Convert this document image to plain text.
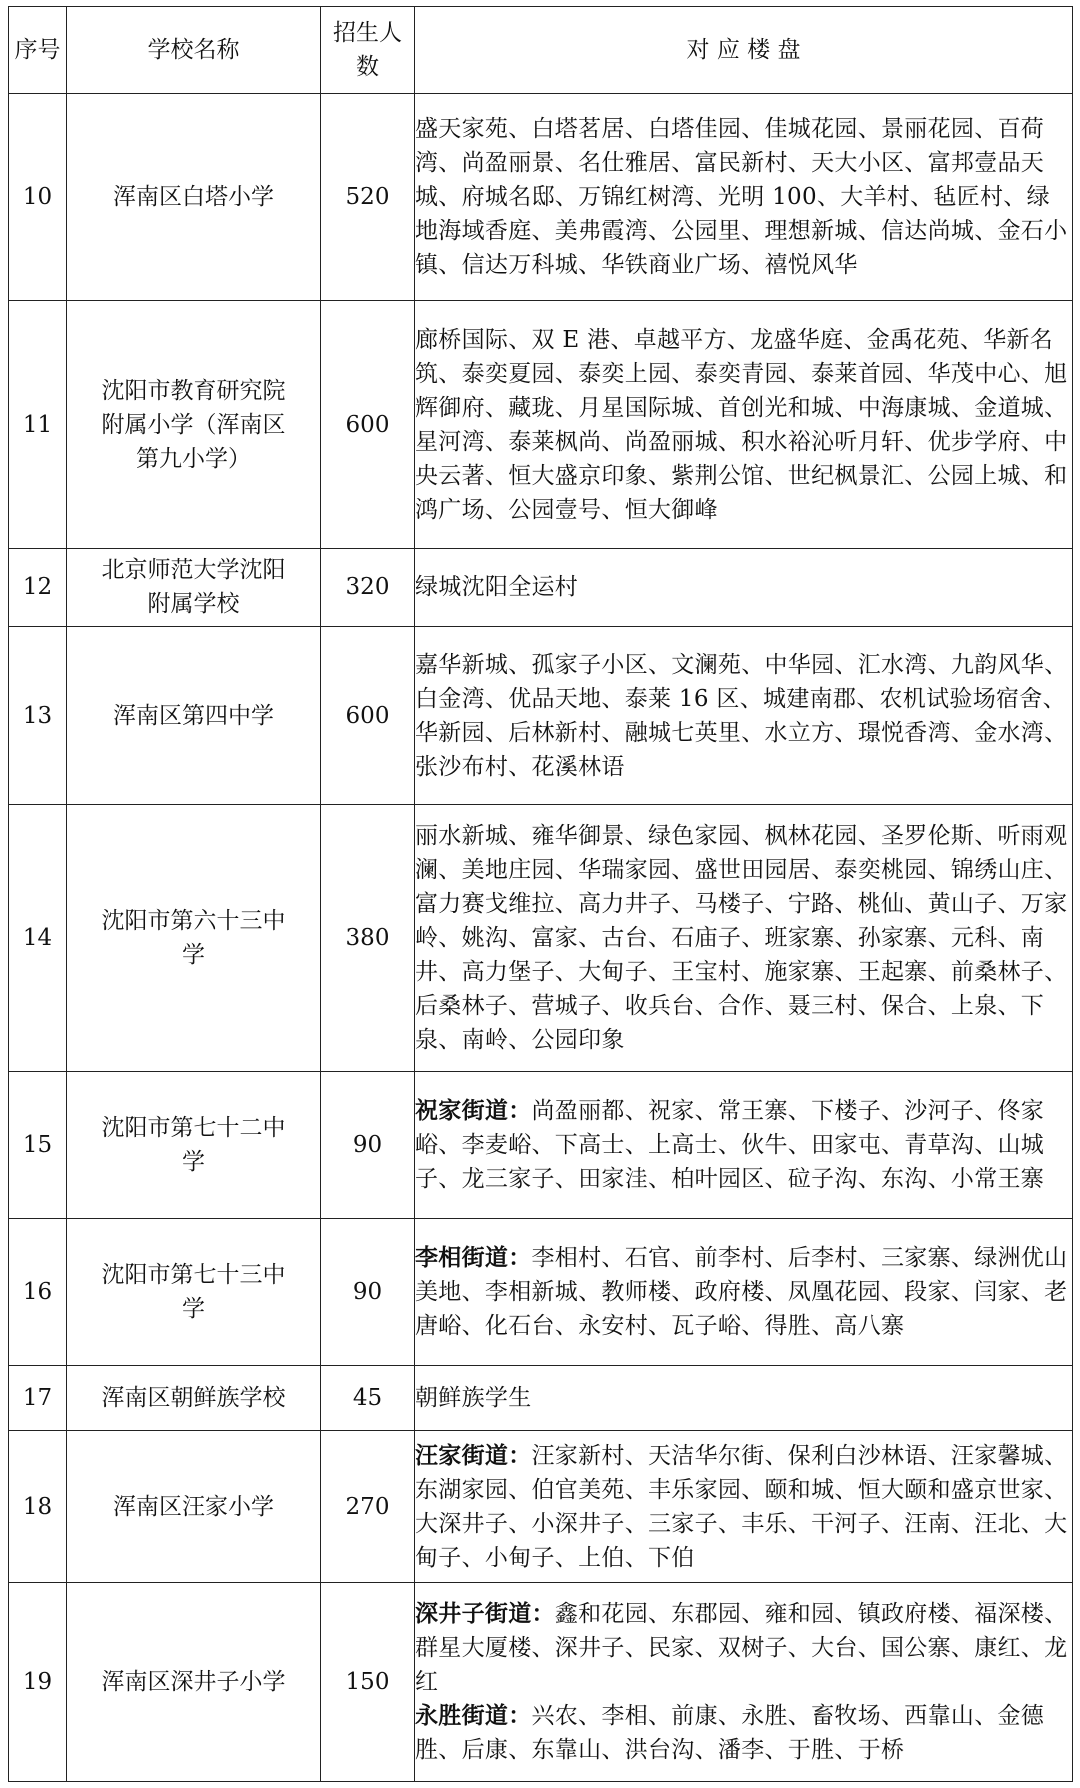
序号	学校名称	招生人数	对 应 楼 盘
10	浑南区白塔小学	520	盛天家苑、白塔茗居、白塔佳园、佳城花园、景丽花园、百荷湾、尚盈丽景、名仕雅居、富民新村、天大小区、富邦壹品天城、府城名邸、万锦红树湾、光明 100、大羊村、毡匠村、绿地海域香庭、美弗霞湾、公园里、理想新城、信达尚城、金石小镇、信达万科城、华铁商业广场、禧悦风华

11	沈阳市教育研究院附属小学（浑南区第九小学）	600	廊桥国际、双 E 港、卓越平方、龙盛华庭、金禹花苑、华新名筑、泰奕夏园、泰奕上园、泰奕青园、泰莱首园、华茂中心、旭辉御府、藏珑、月星国际城、首创光和城、中海康城、金道城、星河湾、泰莱枫尚、尚盈丽城、积水裕沁听月轩、优步学府、中央云著、恒大盛京印象、紫荆公馆、世纪枫景汇、公园上城、和鸿广场、公园壹号、恒大御峰

12	北京师范大学沈阳附属学校	320	绿城沈阳全运村

13	浑南区第四中学	600	嘉华新城、孤家子小区、文澜苑、中华园、汇水湾、九韵风华、白金湾、优品天地、泰莱 16 区、城建南郡、农机试验场宿舍、华新园、后林新村、融城七英里、水立方、璟悦香湾、金水湾、张沙布村、花溪林语

14	沈阳市第六十三中学	380	丽水新城、雍华御景、绿色家园、枫林花园、圣罗伦斯、听雨观澜、美地庄园、华瑞家园、盛世田园居、泰奕桃园、锦绣山庄、富力赛戈维拉、高力井子、马楼子、宁路、桃仙、黄山子、万家岭、姚沟、富家、古台、石庙子、班家寨、孙家寨、元科、南井、高力堡子、大甸子、王宝村、施家寨、王起寨、前桑林子、后桑林子、营城子、收兵台、合作、聂三村、保合、上泉、下泉、南岭、公园印象

15	沈阳市第七十二中学	90	祝家街道：尚盈丽都、祝家、常王寨、下楼子、沙河子、佟家峪、李麦峪、下高士、上高士、伙牛、田家屯、青草沟、山城子、龙三家子、田家洼、柏叶园区、砬子沟、东沟、小常王寨

16	沈阳市第七十三中学	90	李相街道：李相村、石官、前李村、后李村、三家寨、绿洲优山美地、李相新城、教师楼、政府楼、凤凰花园、段家、闫家、老唐峪、化石台、永安村、瓦子峪、得胜、高八寨

17	浑南区朝鲜族学校	45	朝鲜族学生

18	浑南区汪家小学	270	汪家街道：汪家新村、天洁华尔街、保利白沙林语、汪家馨城、东湖家园、伯官美苑、丰乐家园、颐和城、恒大颐和盛京世家、大深井子、小深井子、三家子、丰乐、干河子、汪南、汪北、大甸子、小甸子、上伯、下伯

19	浑南区深井子小学	150	深井子街道：鑫和花园、东郡园、雍和园、镇政府楼、福深楼、群星大厦楼、深井子、民家、双树子、大台、国公寨、康红、龙红
永胜街道：兴农、李相、前康、永胜、畜牧场、西靠山、金德胜、后康、东靠山、洪台沟、潘李、于胜、于桥
